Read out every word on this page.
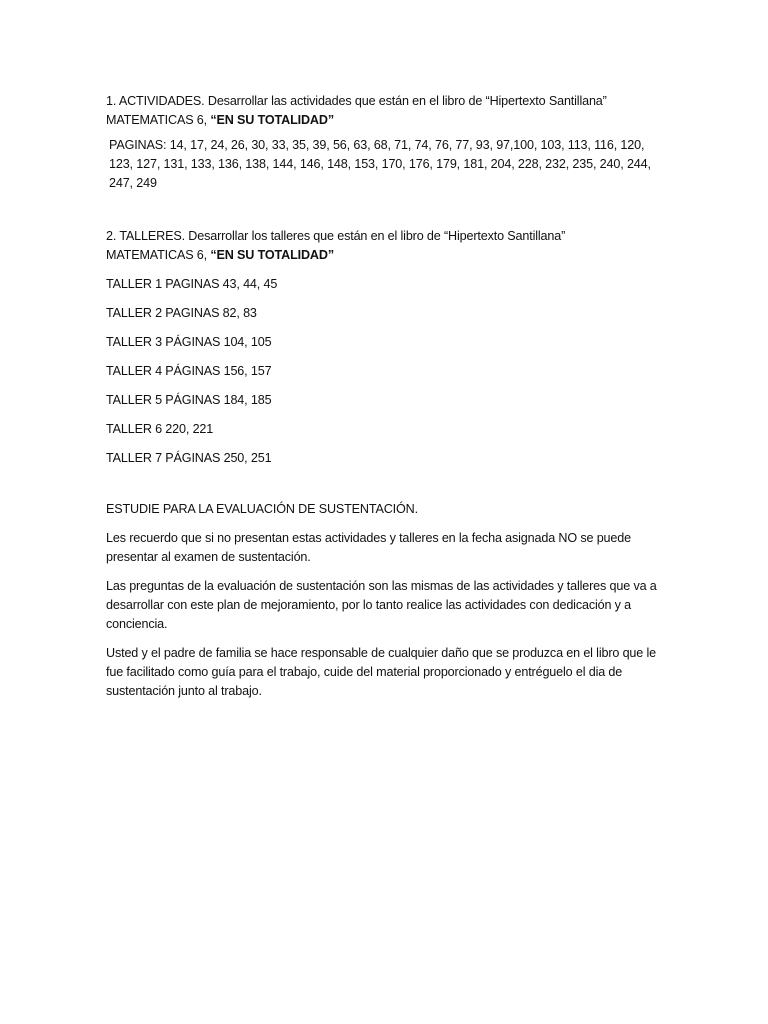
1. ACTIVIDADES. Desarrollar las actividades que están en el libro de “Hipertexto Santillana”
MATEMATICAS 6, “EN SU TOTALIDAD”

PAGINAS: 14, 17, 24, 26, 30, 33, 35, 39, 56, 63, 68, 71, 74, 76, 77, 93, 97,100, 103, 113, 116, 120, 123, 127, 131, 133, 136, 138, 144, 146, 148, 153, 170, 176, 179, 181, 204, 228, 232, 235, 240, 244, 247, 249

2. TALLERES. Desarrollar los talleres que están en el libro de “Hipertexto Santillana”
MATEMATICAS 6, “EN SU TOTALIDAD”

TALLER 1 PAGINAS 43, 44, 45

TALLER 2 PAGINAS 82, 83

TALLER 3 PÁGINAS 104, 105

TALLER 4 PÁGINAS 156, 157

TALLER 5 PÁGINAS 184, 185

TALLER 6 220, 221

TALLER 7 PÁGINAS 250, 251

ESTUDIE PARA LA EVALUACIÓN DE SUSTENTACIÓN.

Les recuerdo que si no presentan estas actividades y talleres en la fecha asignada NO se puede presentar al examen de sustentación.

Las preguntas de la evaluación de sustentación son las mismas de las actividades y talleres que va a desarrollar con este plan de mejoramiento, por lo tanto realice las actividades con dedicación y a conciencia.

Usted y el padre de familia se hace responsable de cualquier daño que se produzca en el libro que le fue facilitado como guía para el trabajo, cuide del material proporcionado y entréguelo el dia de sustentación junto al trabajo.
